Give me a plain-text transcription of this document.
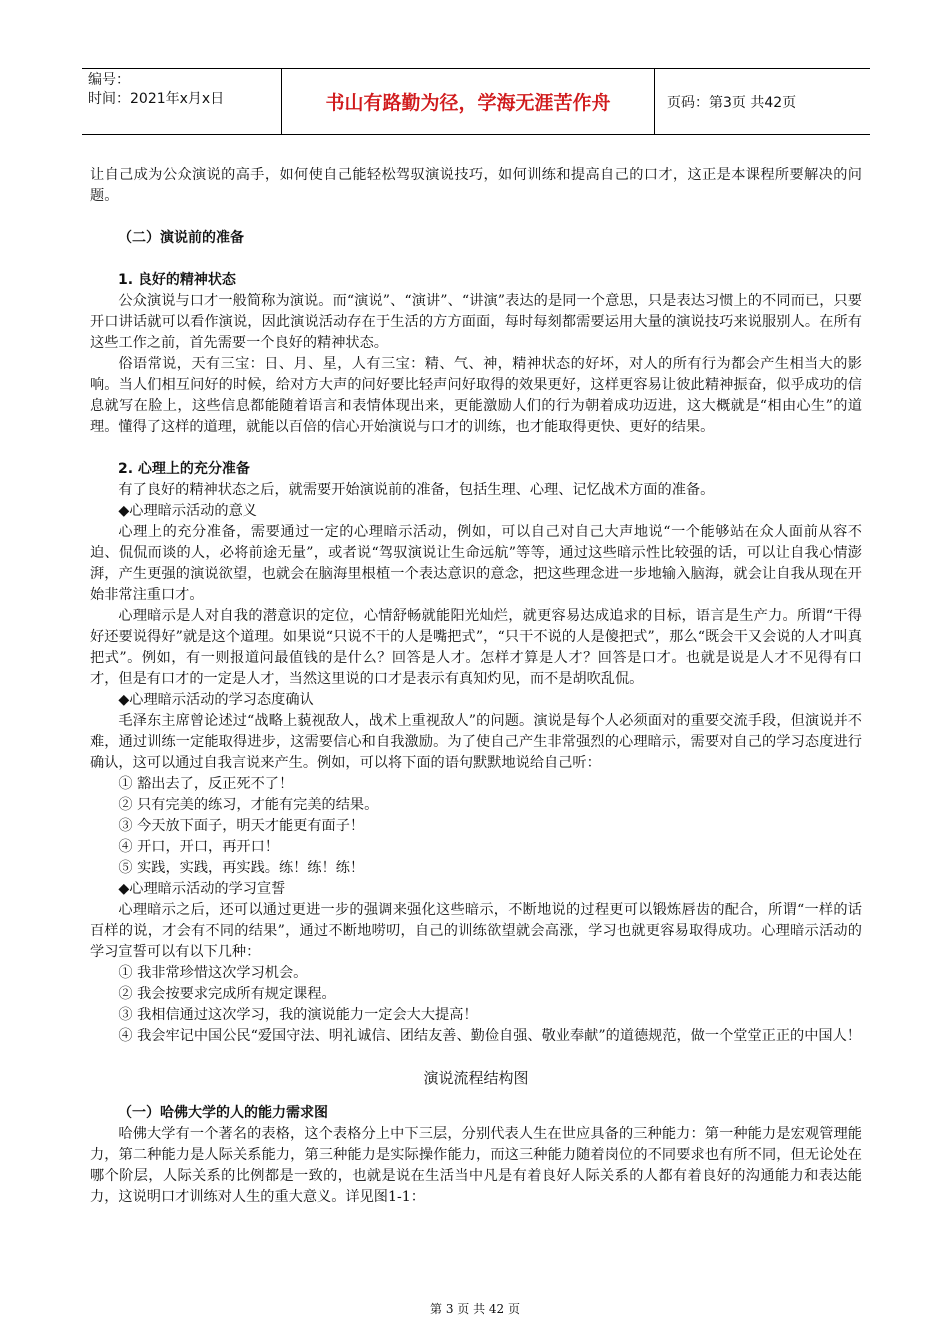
编号：
时间：2021年x月x日	书山有路勤为径，学海无涯苦作舟	页码：第3页 共42页

让自己成为公众演说的高手，如何使自己能轻松驾驭演说技巧，如何训练和提高自己的口才，这正是本课程所要解决的问题。

（二）演说前的准备

1. 良好的精神状态

公众演说与口才一般简称为演说。而“演说”、“演讲”、“讲演”表达的是同一个意思，只是表达习惯上的不同而已，只要开口讲话就可以看作演说，因此演说活动存在于生活的方方面面，每时每刻都需要运用大量的演说技巧来说服别人。在所有这些工作之前，首先需要一个良好的精神状态。

俗语常说，天有三宝：日、月、星，人有三宝：精、气、神，精神状态的好坏，对人的所有行为都会产生相当大的影响。当人们相互问好的时候，给对方大声的问好要比轻声问好取得的效果更好，这样更容易让彼此精神振奋，似乎成功的信息就写在脸上，这些信息都能随着语言和表情体现出来，更能激励人们的行为朝着成功迈进，这大概就是“相由心生”的道理。懂得了这样的道理，就能以百倍的信心开始演说与口才的训练，也才能取得更快、更好的结果。

2. 心理上的充分准备

有了良好的精神状态之后，就需要开始演说前的准备，包括生理、心理、记忆战术方面的准备。

◆心理暗示活动的意义

心理上的充分准备，需要通过一定的心理暗示活动，例如，可以自己对自己大声地说“一个能够站在众人面前从容不迫、侃侃而谈的人，必将前途无量”，或者说“驾驭演说让生命远航”等等，通过这些暗示性比较强的话，可以让自我心情澎湃，产生更强的演说欲望，也就会在脑海里根植一个表达意识的意念，把这些理念进一步地输入脑海，就会让自我从现在开始非常注重口才。

心理暗示是人对自我的潜意识的定位，心情舒畅就能阳光灿烂，就更容易达成追求的目标，语言是生产力。所谓“干得好还要说得好”就是这个道理。如果说“只说不干的人是嘴把式”，“只干不说的人是傻把式”，那么“既会干又会说的人才叫真把式”。例如，有一则报道问最值钱的是什么？回答是人才。怎样才算是人才？回答是口才。也就是说是人才不见得有口才，但是有口才的一定是人才，当然这里说的口才是表示有真知灼见，而不是胡吹乱侃。

◆心理暗示活动的学习态度确认

毛泽东主席曾论述过“战略上藐视敌人，战术上重视敌人”的问题。演说是每个人必须面对的重要交流手段，但演说并不难，通过训练一定能取得进步，这需要信心和自我激励。为了使自己产生非常强烈的心理暗示，需要对自己的学习态度进行确认，这可以通过自我言说来产生。例如，可以将下面的语句默默地说给自己听：

① 豁出去了，反正死不了！

② 只有完美的练习，才能有完美的结果。

③ 今天放下面子，明天才能更有面子！

④ 开口，开口，再开口！

⑤ 实践，实践，再实践。练！练！练！

◆心理暗示活动的学习宣誓

心理暗示之后，还可以通过更进一步的强调来强化这些暗示，不断地说的过程更可以锻炼唇齿的配合，所谓“一样的话百样的说，才会有不同的结果”，通过不断地唠叨，自己的训练欲望就会高涨，学习也就更容易取得成功。心理暗示活动的学习宣誓可以有以下几种：

① 我非常珍惜这次学习机会。

② 我会按要求完成所有规定课程。

③ 我相信通过这次学习，我的演说能力一定会大大提高！

④ 我会牢记中国公民“爱国守法、明礼诚信、团结友善、勤俭自强、敬业奉献”的道德规范，做一个堂堂正正的中国人！

演说流程结构图

（一）哈佛大学的人的能力需求图

哈佛大学有一个著名的表格，这个表格分上中下三层，分别代表人生在世应具备的三种能力：第一种能力是宏观管理能力，第二种能力是人际关系能力，第三种能力是实际操作能力，而这三种能力随着岗位的不同要求也有所不同，但无论处在哪个阶层，人际关系的比例都是一致的，也就是说在生活当中凡是有着良好人际关系的人都有着良好的沟通能力和表达能力，这说明口才训练对人生的重大意义。详见图1-1：

第 3 页 共 42 页
